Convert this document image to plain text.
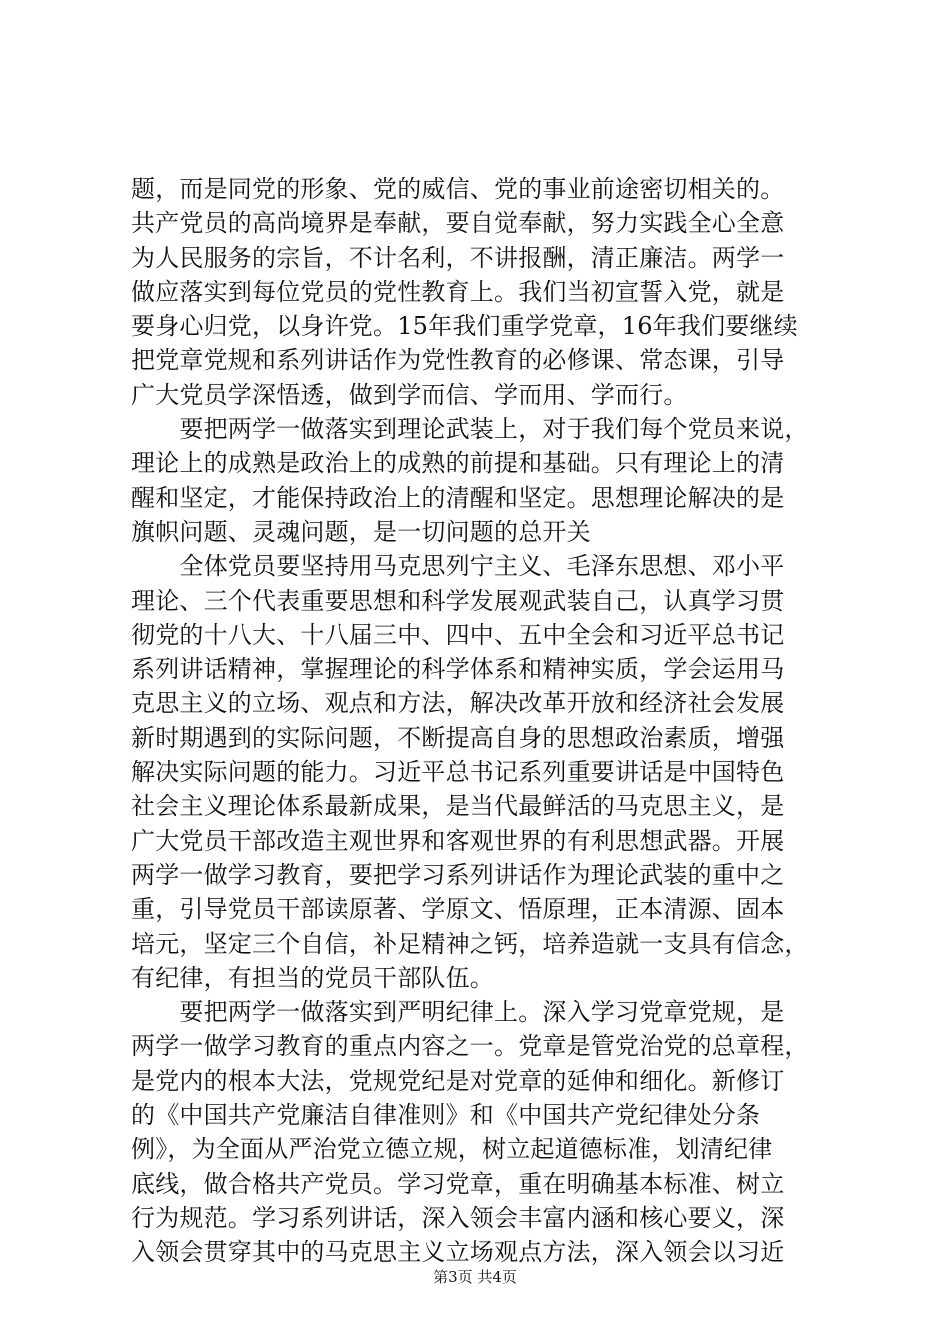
题，而是同党的形象、党的威信、党的事业前途密切相关的。
共产党员的高尚境界是奉献，要自觉奉献，努力实践全心全意
为人民服务的宗旨，不计名利，不讲报酬，清正廉洁。两学一
做应落实到每位党员的党性教育上。我们当初宣誓入党，就是
要身心归党，以身许党。15年我们重学党章，16年我们要继续
把党章党规和系列讲话作为党性教育的必修课、常态课，引导
广大党员学深悟透，做到学而信、学而用、学而行。
　　要把两学一做落实到理论武装上，对于我们每个党员来说，
理论上的成熟是政治上的成熟的前提和基础。只有理论上的清
醒和坚定，才能保持政治上的清醒和坚定。思想理论解决的是
旗帜问题、灵魂问题，是一切问题的总开关
　　全体党员要坚持用马克思列宁主义、毛泽东思想、邓小平
理论、三个代表重要思想和科学发展观武装自己，认真学习贯
彻党的十八大、十八届三中、四中、五中全会和习近平总书记
系列讲话精神，掌握理论的科学体系和精神实质，学会运用马
克思主义的立场、观点和方法，解决改革开放和经济社会发展
新时期遇到的实际问题，不断提高自身的思想政治素质，增强
解决实际问题的能力。习近平总书记系列重要讲话是中国特色
社会主义理论体系最新成果，是当代最鲜活的马克思主义，是
广大党员干部改造主观世界和客观世界的有利思想武器。开展
两学一做学习教育，要把学习系列讲话作为理论武装的重中之
重，引导党员干部读原著、学原文、悟原理，正本清源、固本
培元，坚定三个自信，补足精神之钙，培养造就一支具有信念，
有纪律，有担当的党员干部队伍。
　　要把两学一做落实到严明纪律上。深入学习党章党规，是
两学一做学习教育的重点内容之一。党章是管党治党的总章程，
是党内的根本大法，党规党纪是对党章的延伸和细化。新修订
的《中国共产党廉洁自律准则》和《中国共产党纪律处分条
例》，为全面从严治党立德立规，树立起道德标准，划清纪律
底线，做合格共产党员。学习党章，重在明确基本标准、树立
行为规范。学习系列讲话，深入领会丰富内涵和核心要义，深
入领会贯穿其中的马克思主义立场观点方法，深入领会以习近
第3页 共4页
